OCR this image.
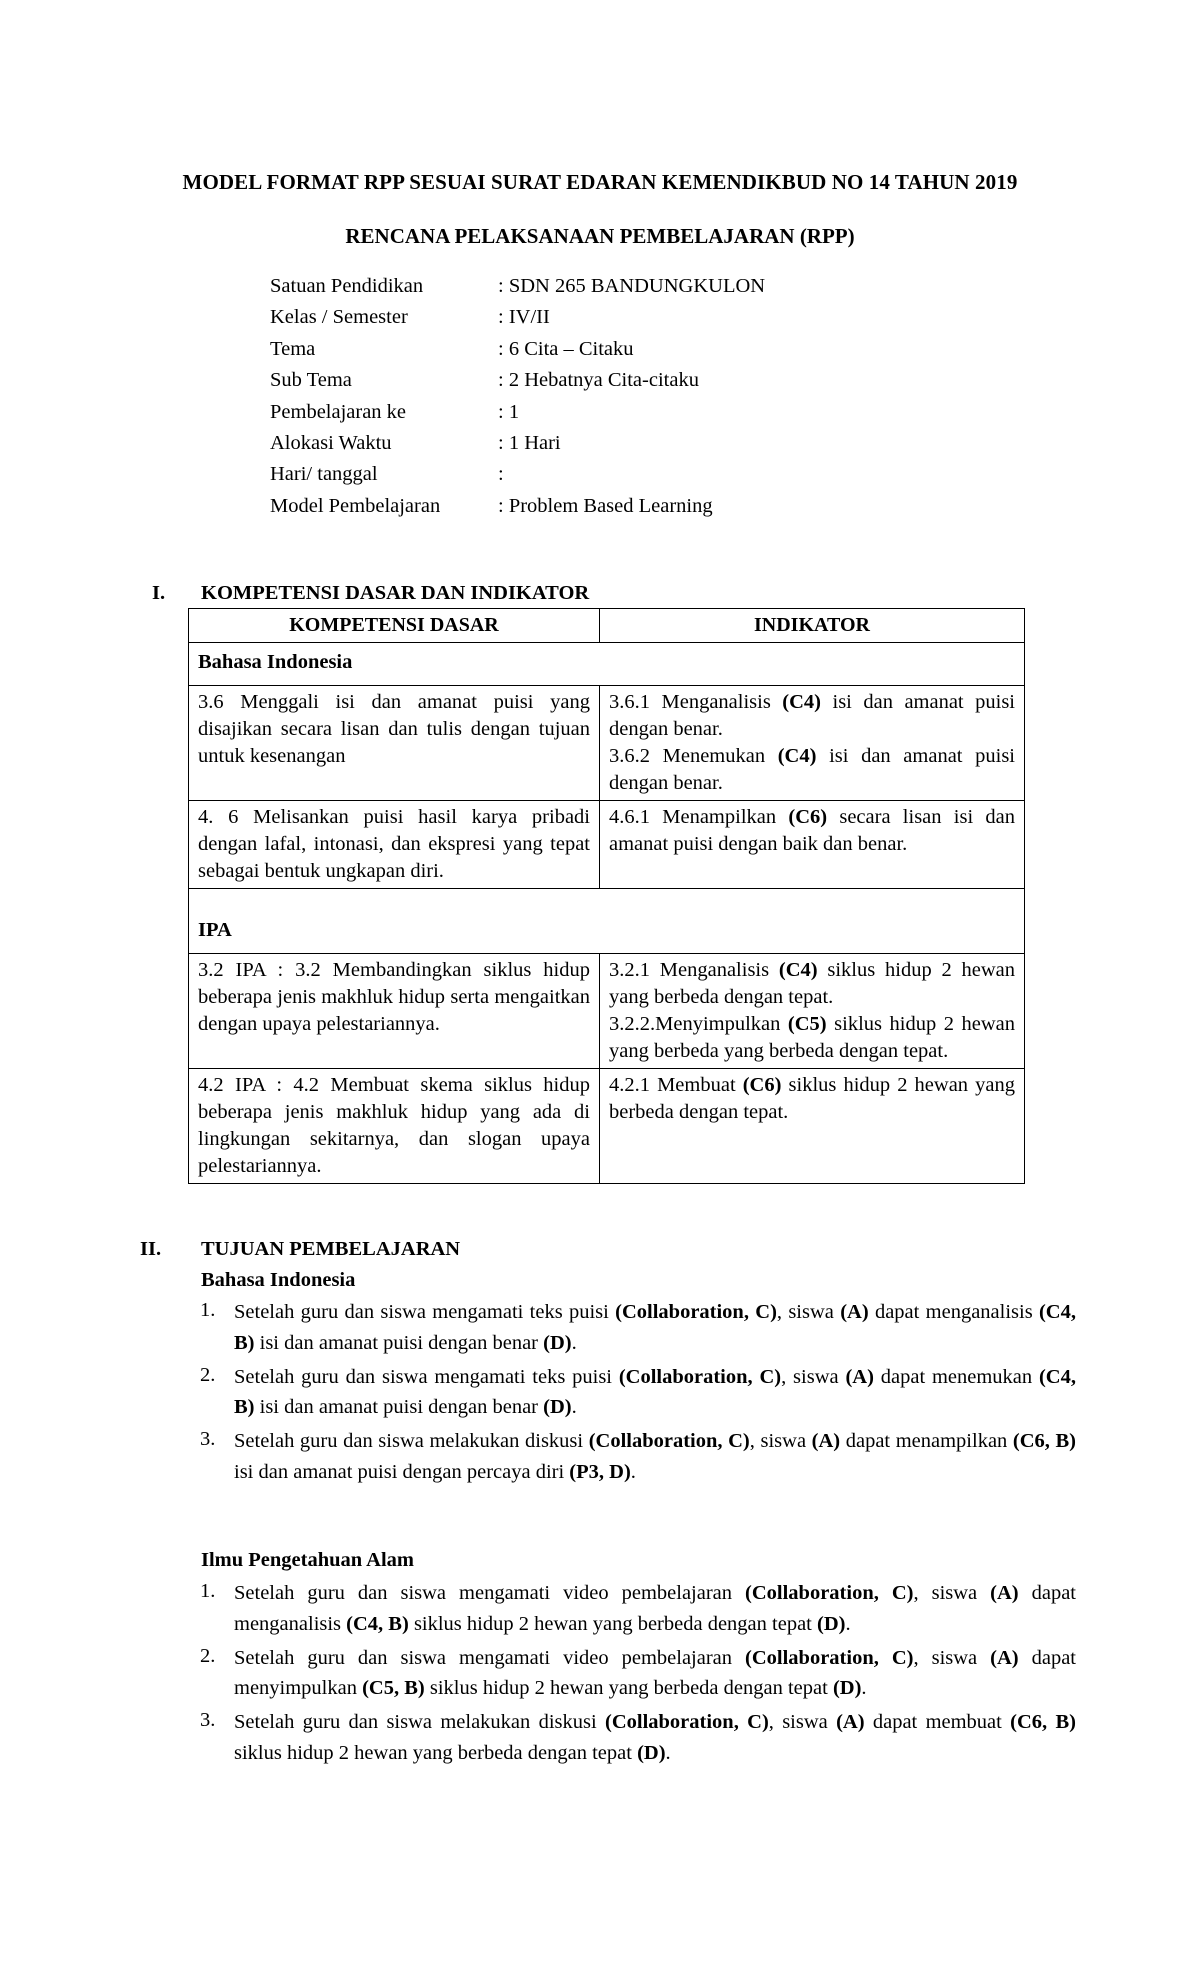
MODEL FORMAT RPP SESUAI SURAT EDARAN KEMENDIKBUD NO 14 TAHUN 2019
RENCANA PELAKSANAAN PEMBELAJARAN (RPP)
Satuan Pendidikan	: SDN 265 BANDUNGKULON
Kelas / Semester	: IV/II
Tema	: 6 Cita – Citaku
Sub Tema	: 2 Hebatnya Cita-citaku
Pembelajaran ke	: 1
Alokasi Waktu	: 1 Hari
Hari/ tanggal	:
Model Pembelajaran	: Problem Based Learning
I. KOMPETENSI DASAR DAN INDIKATOR
KOMPETENSI DASAR	INDIKATOR
Bahasa Indonesia	
3.6 Menggali isi dan amanat puisi yang disajikan secara lisan dan tulis dengan tujuan untuk kesenangan	3.6.1 Menganalisis (C4) isi dan amanat puisi dengan benar.
3.6.2 Menemukan (C4) isi dan amanat puisi dengan benar.

4. 6 Melisankan puisi hasil karya pribadi dengan lafal, intonasi, dan ekspresi yang tepat sebagai bentuk ungkapan diri.	4.6.1 Menampilkan (C6) secara lisan isi dan amanat puisi dengan baik dan benar.

IPA	
3.2 IPA : 3.2 Membandingkan siklus hidup beberapa jenis makhluk hidup serta mengaitkan dengan upaya pelestariannya.	3.2.1 Menganalisis (C4) siklus hidup 2 hewan yang berbeda dengan tepat.
3.2.2.Menyimpulkan (C5) siklus hidup 2 hewan yang berbeda yang berbeda dengan tepat.

4.2 IPA : 4.2 Membuat skema siklus hidup beberapa jenis makhluk hidup yang ada di lingkungan sekitarnya, dan slogan upaya pelestariannya.	4.2.1 Membuat (C6) siklus hidup 2 hewan yang berbeda dengan tepat.
II. TUJUAN PEMBELAJARAN
Bahasa Indonesia
1. Setelah guru dan siswa mengamati teks puisi (Collaboration, C), siswa (A) dapat menganalisis (C4, B) isi dan amanat puisi dengan benar (D).
2. Setelah guru dan siswa mengamati teks puisi (Collaboration, C), siswa (A) dapat menemukan (C4, B) isi dan amanat puisi dengan benar (D).
3. Setelah guru dan siswa melakukan diskusi (Collaboration, C), siswa (A) dapat menampilkan (C6, B) isi dan amanat puisi dengan percaya diri (P3, D).
Ilmu Pengetahuan Alam
1. Setelah guru dan siswa mengamati video pembelajaran (Collaboration, C), siswa (A) dapat menganalisis (C4, B) siklus hidup 2 hewan yang berbeda dengan tepat (D).
2. Setelah guru dan siswa mengamati video pembelajaran (Collaboration, C), siswa (A) dapat menyimpulkan (C5, B) siklus hidup 2 hewan yang berbeda dengan tepat (D).
3. Setelah guru dan siswa melakukan diskusi (Collaboration, C), siswa (A) dapat membuat (C6, B) siklus hidup 2 hewan yang berbeda dengan tepat (D).
